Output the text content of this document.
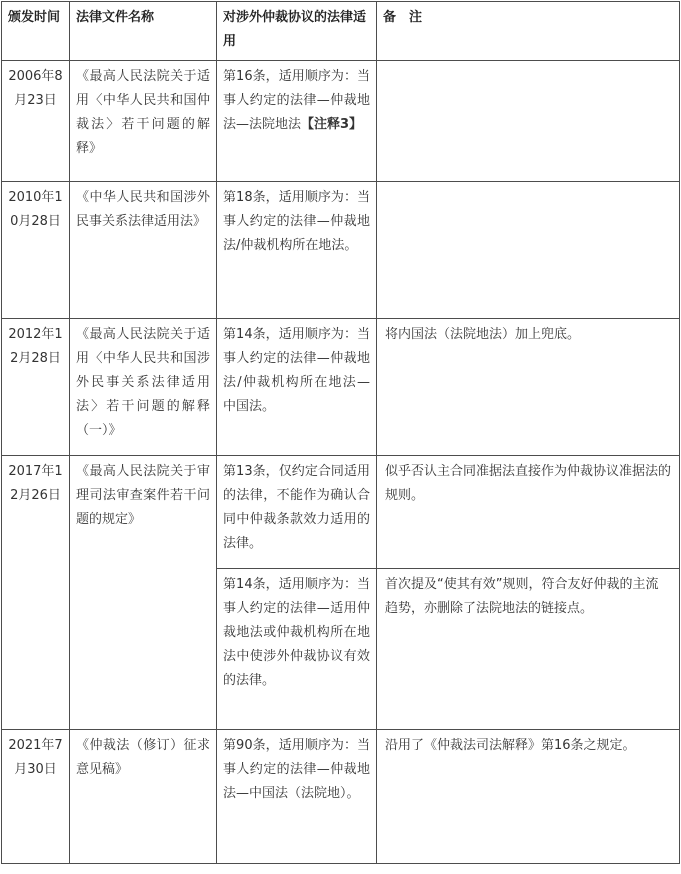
颁发时间	法律文件名称	对涉外仲裁协议的法律适用	备　注
2006年8月23日	《最高人民法院关于适用〈中华人民共和国仲裁法〉若干问题的解释》	第16条，适用顺序为：当事人约定的法律—仲裁地法—法院地法【注释3】	
2010年10月28日	《中华人民共和国涉外民事关系法律适用法》	第18条，适用顺序为：当事人约定的法律—仲裁地法/仲裁机构所在地法。	
2012年12月28日	《最高人民法院关于适用〈中华人民共和国涉外民事关系法律适用法〉若干问题的解释（一）》	第14条，适用顺序为：当事人约定的法律—仲裁地法/仲裁机构所在地法—中国法。	将内国法（法院地法）加上兜底。
2017年12月26日	《最高人民法院关于审理司法审查案件若干问题的规定》	第13条，仅约定合同适用的法律，不能作为确认合同中仲裁条款效力适用的法律。	似乎否认主合同准据法直接作为仲裁协议准据法的规则。
		第14条，适用顺序为：当事人约定的法律—适用仲裁地法或仲裁机构所在地法中使涉外仲裁协议有效的法律。	首次提及“使其有效”规则，符合友好仲裁的主流趋势，亦删除了法院地法的链接点。
2021年7月30日	《仲裁法（修订）征求意见稿》	第90条，适用顺序为：当事人约定的法律—仲裁地法—中国法（法院地）。	沿用了《仲裁法司法解释》第16条之规定。
